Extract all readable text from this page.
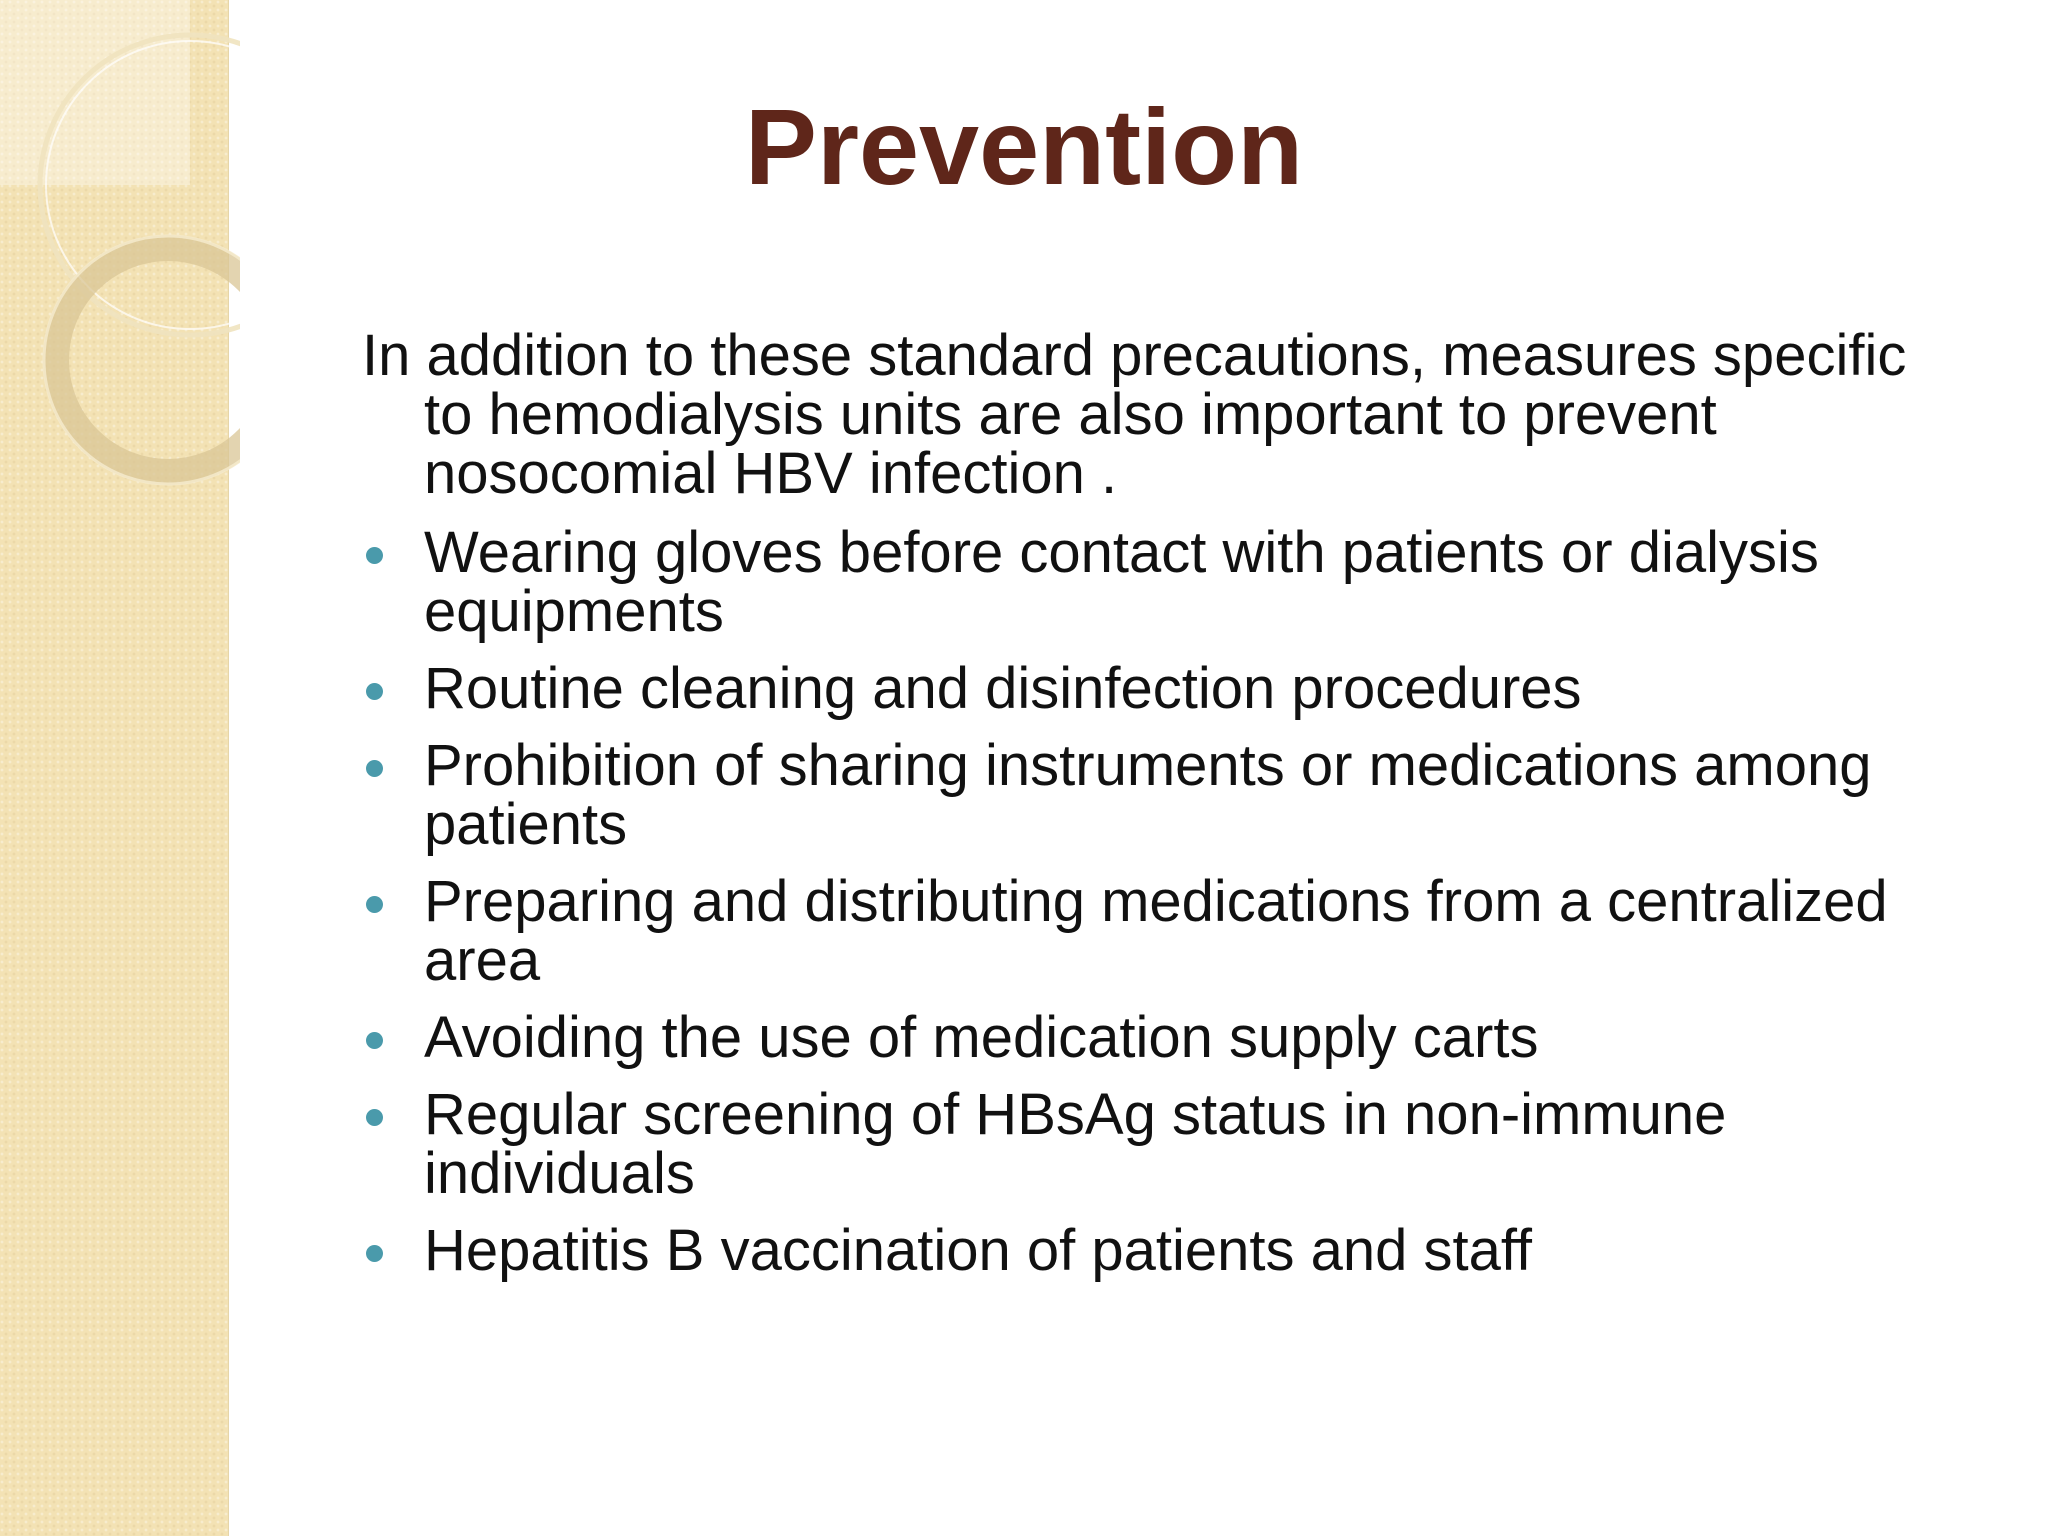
Prevention

In addition to these standard precautions, measures specific to hemodialysis units are also important to prevent nosocomial HBV infection .

Wearing gloves before contact with patients or dialysis equipments
Routine cleaning and disinfection procedures
Prohibition of sharing instruments or medications among patients
Preparing and distributing medications from a centralized area
Avoiding the use of medication supply carts
Regular screening of HBsAg status in non-immune individuals
Hepatitis B vaccination of patients and staff
